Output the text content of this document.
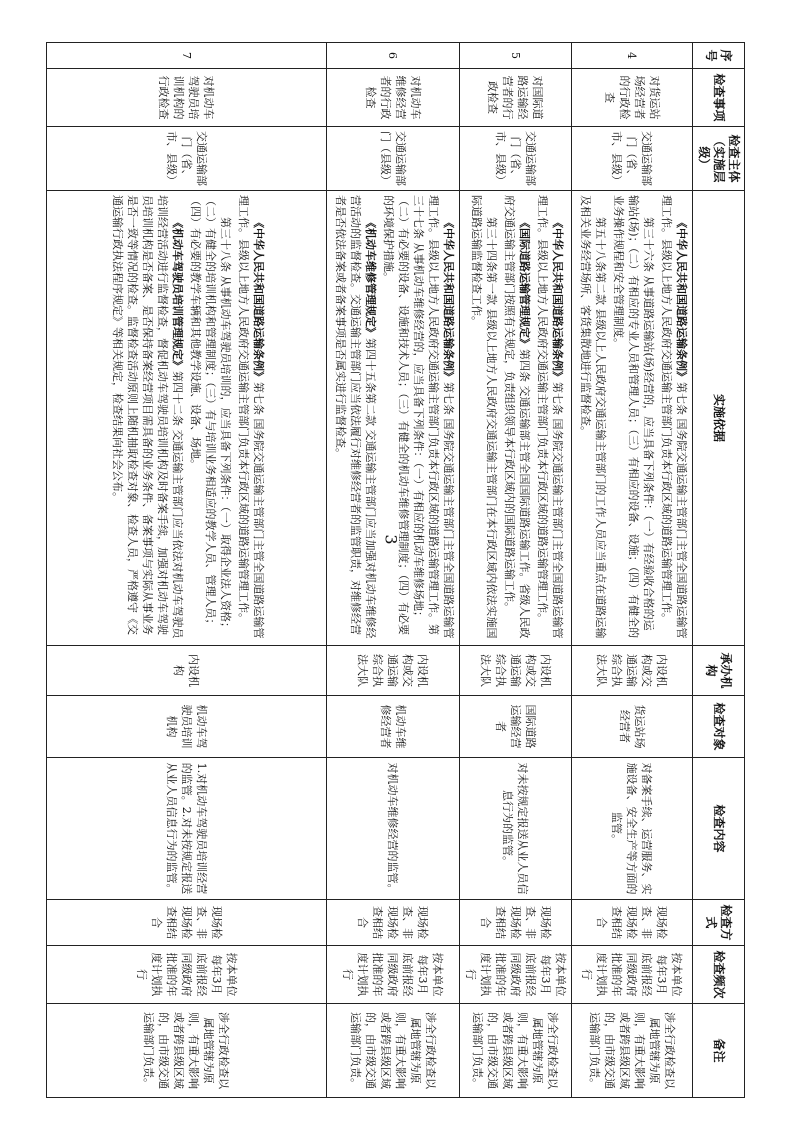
序号	检查事项	检查主体（实施层级）	实施依据	承办机构	检查对象	检查内容	检查方式	检查频次	备注
4	对货运站场经营者的行政检查	交通运输部门（省、市、县级）	《中华人民共和国道路运输条例》第七条 国务院交通运输主管部门主管全国道路运输管理工作。县级以上地方人民政府交通运输主管部门负责本行政区域的道路运输管理工作。
第三十六条 从事道路运输站(场)经营的，应当具备下列条件：（一）有经验收合格的运输站(场)；（二）有相应的专业人员和管理人员；（三）有相应的设备、设施；（四）有健全的业务操作规程和安全管理制度。
第五十八条第二款 县级以上人民政府交通运输主管部门的工作人员应当重点在道路运输及相关业务经营场所、客货集散地进行监督检查。	内设机构或交通运输综合执法大队	货运站场经营者	对备案手续、运营服务、实施设备、安全生产等方面的监管。	现场检查、非现场检查相结合	按本单位每年3月底前报经同级政府批准的年度计划执行	涉全行政检查以属地管辖为原则，有重大影响或者跨县级区域的，由市级交通运输部门负责。
5	对国际道路运输经营者的行政检查	交通运输部门（省、市、县级）	《中华人民共和国道路运输条例》第七条 国务院交通运输主管部门主管全国道路运输管理工作。县级以上地方人民政府交通运输主管部门负责本行政区域的道路运输管理工作。
《国际道路运输管理规定》第四条 交通运输部主管全国国际道路运输工作。省级人民政府交通运输主管部门按照有关规定，负责组织领导本行政区域内的国际道路运输工作。
第三十四条第一款 县级以上地方人民政府交通运输主管部门在本行政区域内依法实施国际道路运输监督检查工作。	内设机构或交通运输综合执法大队	国际道路运输经营者	对未按规定报送从业人员信息行为的监管。	现场检查、非现场检查相结合	按本单位每年3月底前报经同级政府批准的年度计划执行	涉全行政检查以属地管辖为原则，有重大影响或者跨县级区域的，由市级交通运输部门负责。
6	对机动车维修经营者的行政检查	交通运输部门（县级）	《中华人民共和国道路运输条例》第七条 国务院交通运输主管部门主管全国道路运输管理工作。县级以上地方人民政府交通运输主管部门负责本行政区域的道路运输管理工作。第三十七条 从事机动车维修经营的，应当具备下列条件：（一）有相应的机动车维修场地；（二）有必要的设备、设施和技术人员；（三）有健全的机动车维修管理制度；（四）有必要的环境保护措施。
《机动车维修管理规定》第四十五条第二款 交通运输主管部门应当加强对机动车维修经营活动的监督检查。交通运输主管部门应当依法履行对维修经营者的监管职责，对维修经营者是否依法备案或者备案事项是否属实进行监督检查。	内设机构或交通运输综合执法大队	机动车维修经营者	对机动车维修经营的监管。	现场检查、非现场检查相结合	按本单位每年3月底前报经同级政府批准的年度计划执行	涉全行政检查以属地管辖为原则，有重大影响或者跨县级区域的，由市级交通运输部门负责。
7	对机动车驾驶员培训机构的行政检查	交通运输部门（省、市、县级）	《中华人民共和国道路运输条例》第七条 国务院交通运输主管部门主管全国道路运输管理工作。县级以上地方人民政府交通运输主管部门负责本行政区域的道路运输管理工作。
第三十八条 从事机动车驾驶员培训的，应当具备下列条件：（一）取得企业法人资格；（二）有健全的培训机构和管理制度；（三）有与培训业务相适应的教学人员、管理人员；（四）有必要的教学车辆和其他教学设施、设备、场地。
《机动车驾驶员培训管理规定》第四十二条 交通运输主管部门应当依法对机动车驾驶员培训经营活动进行监督检查，督促机动车驾驶员培训机构及时备案手续，加强对机动车驾驶员培训机构是否备案、是否保持备案经营项目需具备的业务条件、备案事项与实际从事业务是否一致等情况的检查。监督检查活动原则上随机抽取检查对象、检查人员，严格遵守《交通运输行政执法程序规定》等相关规定，检查结果向社会公布。	内设机构	机动车驾驶员培训机构	1.对机动车驾驶员培训经营的监管。2.对未按规定报送从业人员信息行为的监管。	现场检查、非现场检查相结合	按本单位每年3月底前报经同级政府批准的年度计划执行	涉全行政检查以属地管辖为原则，有重大影响或者跨县级区域的，由市级交通运输部门负责。
3
